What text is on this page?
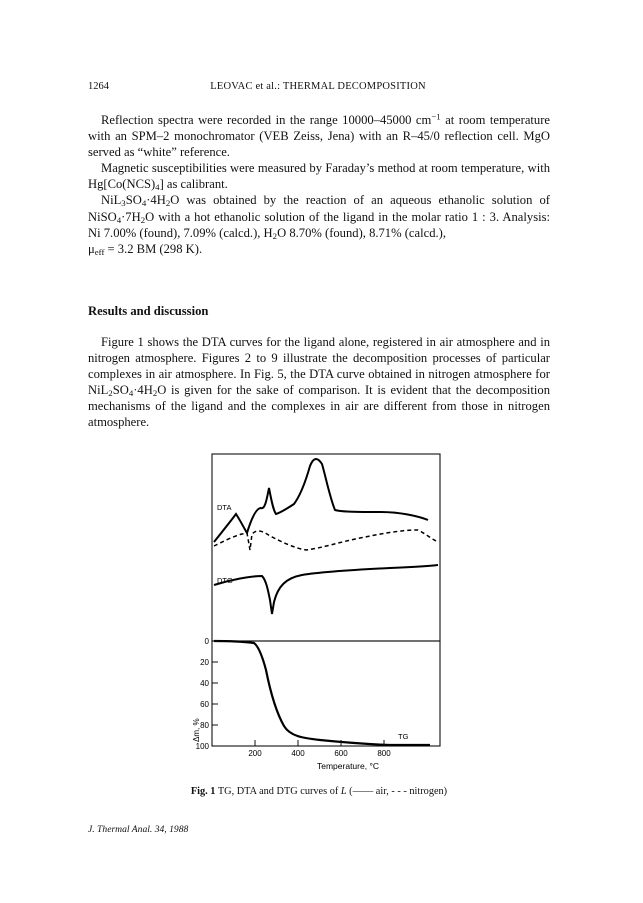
1264	LEOVAC et al.: THERMAL DECOMPOSITION

Reflection spectra were recorded in the range 10000–45000 $cm^{-1}$ at room temperature with an SPM–2 monochromator (VEB Zeiss, Jena) with an R–45/0 reflection cell. MgO served as “white” reference.

Magnetic susceptibilities were measured by Faraday’s method at room temperature, with $Hg[Co(NCS)_4]$ as calibrant.

$NiL_3SO_4\cdot 4H_2O$ was obtained by the reaction of an aqueous ethanolic solution of $NiSO_4\cdot 7H_2O$ with a hot ethanolic solution of the ligand in the molar ratio 1 : 3. Analysis: Ni 7.00% (found), 7.09% (calcd.), $H_2O$ 8.70% (found), 8.71% (calcd.),
$\mu_{eff} = 3.2$ BM (298 K).

Results and discussion

Figure 1 shows the DTA curves for the ligand alone, registered in air atmosphere and in nitrogen atmosphere. Figures 2 to 9 illustrate the decomposition processes of particular complexes in air atmosphere. In Fig. 5, the DTA curve obtained in nitrogen atmosphere for $NiL_2SO_4\cdot 4H_2O$ is given for the sake of comparison. It is evident that the decomposition mechanisms of the ligand and the complexes in air are different from those in nitrogen atmosphere.

DTA
DTG
TG
0
20
40
60
80
100
Δm, %
200	400	600	800
Temperature, °C
Fig. 1 TG, DTA and DTG curves of L (—— air, - - - nitrogen)
J. Thermal Anal. 34, 1988
